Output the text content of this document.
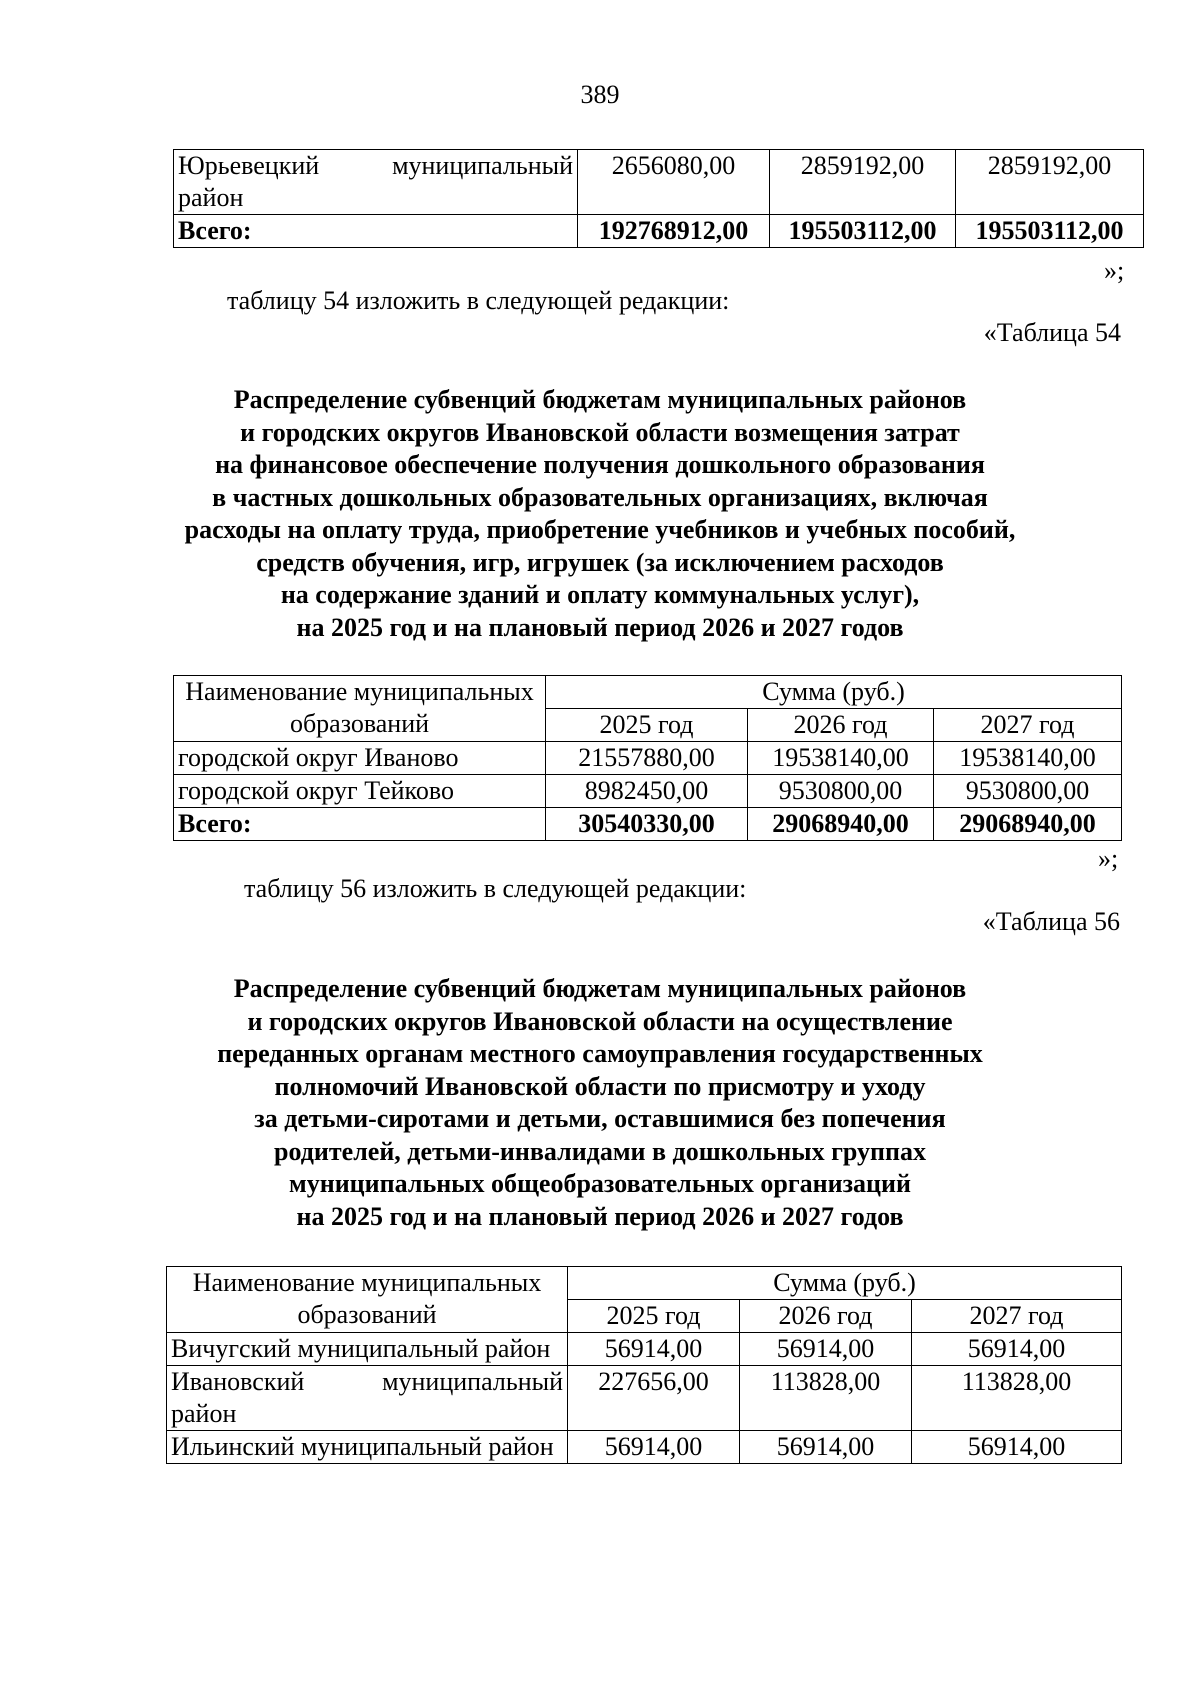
389
Юрьевецкий муниципальный район	2656080,00	2859192,00	2859192,00
Всего:	192768912,00	195503112,00	195503112,00
»;
таблицу 54 изложить в следующей редакции:
«Таблица 54
Распределение субвенций бюджетам муниципальных районов
и городских округов Ивановской области возмещения затрат
на финансовое обеспечение получения дошкольного образования
в частных дошкольных образовательных организациях, включая
расходы на оплату труда, приобретение учебников и учебных пособий,
средств обучения, игр, игрушек (за исключением расходов
на содержание зданий и оплату коммунальных услуг),
на 2025 год и на плановый период 2026 и 2027 годов
Наименование муниципальных образований	Сумма (руб.)		
	2025 год	2026 год	2027 год
городской округ Иваново	21557880,00	19538140,00	19538140,00
городской округ Тейково	8982450,00	9530800,00	9530800,00
Всего:	30540330,00	29068940,00	29068940,00
»;
таблицу 56 изложить в следующей редакции:
«Таблица 56
Распределение субвенций бюджетам муниципальных районов
и городских округов Ивановской области на осуществление
переданных органам местного самоуправления государственных
полномочий Ивановской области по присмотру и уходу
за детьми-сиротами и детьми, оставшимися без попечения
родителей, детьми-инвалидами в дошкольных группах
муниципальных общеобразовательных организаций
на 2025 год и на плановый период 2026 и 2027 годов
Наименование муниципальных образований	Сумма (руб.)		
	2025 год	2026 год	2027 год
Вичугский муниципальный район	56914,00	56914,00	56914,00
Ивановский муниципальный район	227656,00	113828,00	113828,00
Ильинский муниципальный район	56914,00	56914,00	56914,00
